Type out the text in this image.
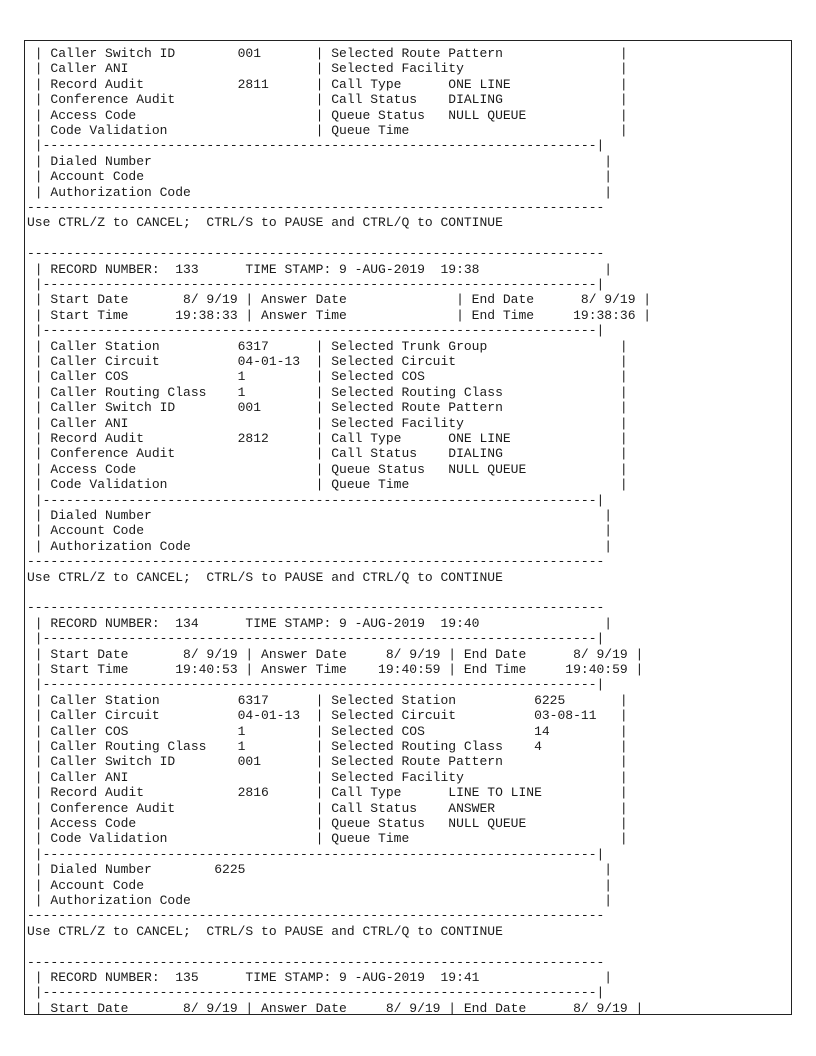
| Caller Switch ID        001       | Selected Route Pattern               |
| Caller ANI                        | Selected Facility                    |
| Record Audit            2811      | Call Type      ONE LINE              |
| Conference Audit                  | Call Status    DIALING               |
| Access Code                       | Queue Status   NULL QUEUE            |
| Code Validation                   | Queue Time                           |
|-----------------------------------------------------------------------|
| Dialed Number                                                          |
| Account Code                                                           |
| Authorization Code                                                     |
--------------------------------------------------------------------------
Use CTRL/Z to CANCEL;  CTRL/S to PAUSE and CTRL/Q to CONTINUE
--------------------------------------------------------------------------
| RECORD NUMBER:  133      TIME STAMP: 9 -AUG-2019  19:38                |
|-----------------------------------------------------------------------|
| Start Date       8/ 9/19 | Answer Date              | End Date      8/ 9/19 |
| Start Time      19:38:33 | Answer Time              | End Time     19:38:36 |
|-----------------------------------------------------------------------|
| Caller Station          6317      | Selected Trunk Group                 |
| Caller Circuit          04-01-13  | Selected Circuit                     |
| Caller COS              1         | Selected COS                         |
| Caller Routing Class    1         | Selected Routing Class               |
| Caller Switch ID        001       | Selected Route Pattern               |
| Caller ANI                        | Selected Facility                    |
| Record Audit            2812      | Call Type      ONE LINE              |
| Conference Audit                  | Call Status    DIALING               |
| Access Code                       | Queue Status   NULL QUEUE            |
| Code Validation                   | Queue Time                           |
|-----------------------------------------------------------------------|
| Dialed Number                                                          |
| Account Code                                                           |
| Authorization Code                                                     |
--------------------------------------------------------------------------
Use CTRL/Z to CANCEL;  CTRL/S to PAUSE and CTRL/Q to CONTINUE
--------------------------------------------------------------------------
| RECORD NUMBER:  134      TIME STAMP: 9 -AUG-2019  19:40                |
|-----------------------------------------------------------------------|
| Start Date       8/ 9/19 | Answer Date     8/ 9/19 | End Date      8/ 9/19 |
| Start Time      19:40:53 | Answer Time    19:40:59 | End Time     19:40:59 |
|-----------------------------------------------------------------------|
| Caller Station          6317      | Selected Station          6225       |
| Caller Circuit          04-01-13  | Selected Circuit          03-08-11   |
| Caller COS              1         | Selected COS              14         |
| Caller Routing Class    1         | Selected Routing Class    4          |
| Caller Switch ID        001       | Selected Route Pattern               |
| Caller ANI                        | Selected Facility                    |
| Record Audit            2816      | Call Type      LINE TO LINE          |
| Conference Audit                  | Call Status    ANSWER                |
| Access Code                       | Queue Status   NULL QUEUE            |
| Code Validation                   | Queue Time                           |
|-----------------------------------------------------------------------|
| Dialed Number        6225                                              |
| Account Code                                                           |
| Authorization Code                                                     |
--------------------------------------------------------------------------
Use CTRL/Z to CANCEL;  CTRL/S to PAUSE and CTRL/Q to CONTINUE
--------------------------------------------------------------------------
| RECORD NUMBER:  135      TIME STAMP: 9 -AUG-2019  19:41                |
|-----------------------------------------------------------------------|
| Start Date       8/ 9/19 | Answer Date     8/ 9/19 | End Date      8/ 9/19 |
